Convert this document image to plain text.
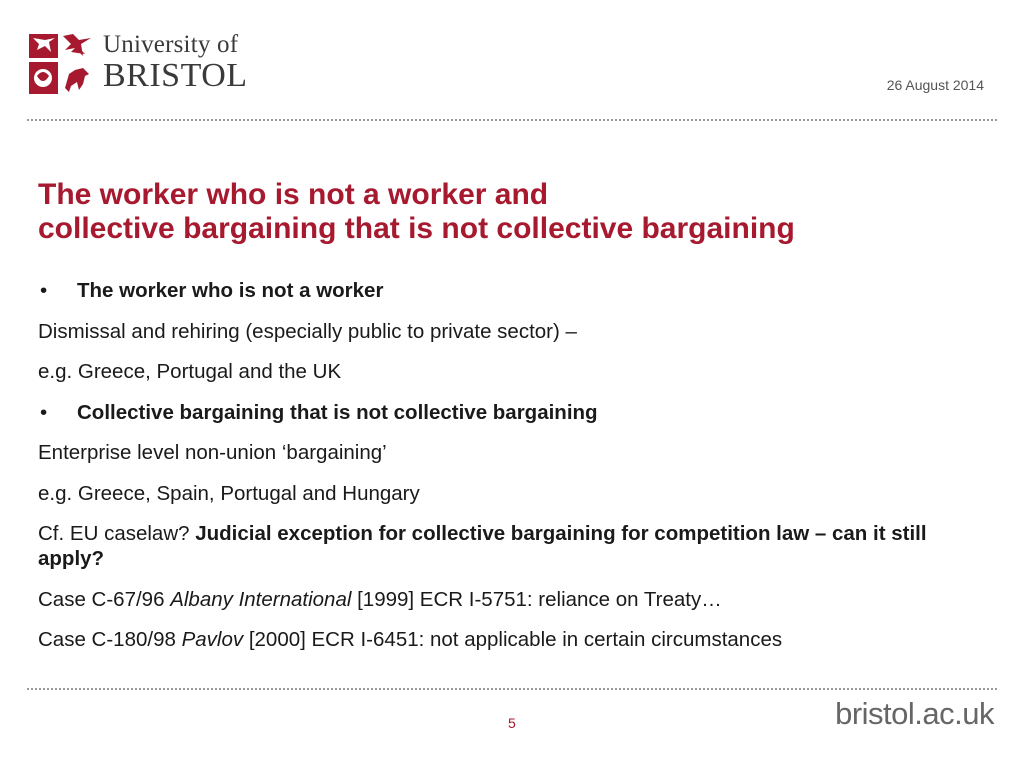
University of
BRISTOL	26 August 2014
The worker who is not a worker and
collective bargaining that is not collective bargaining
•	The worker who is not a worker
Dismissal and rehiring (especially public to private sector) –
e.g. Greece, Portugal and the UK
•	Collective bargaining that is not collective bargaining
Enterprise level non-union ‘bargaining’
e.g. Greece, Spain, Portugal and Hungary
Cf. EU caselaw? Judicial exception for collective bargaining for competition law – can it still apply?
Case C-67/96 Albany International [1999] ECR I-5751: reliance on Treaty…
Case C-180/98 Pavlov [2000] ECR I-6451: not applicable in certain circumstances
5	bristol.ac.uk
